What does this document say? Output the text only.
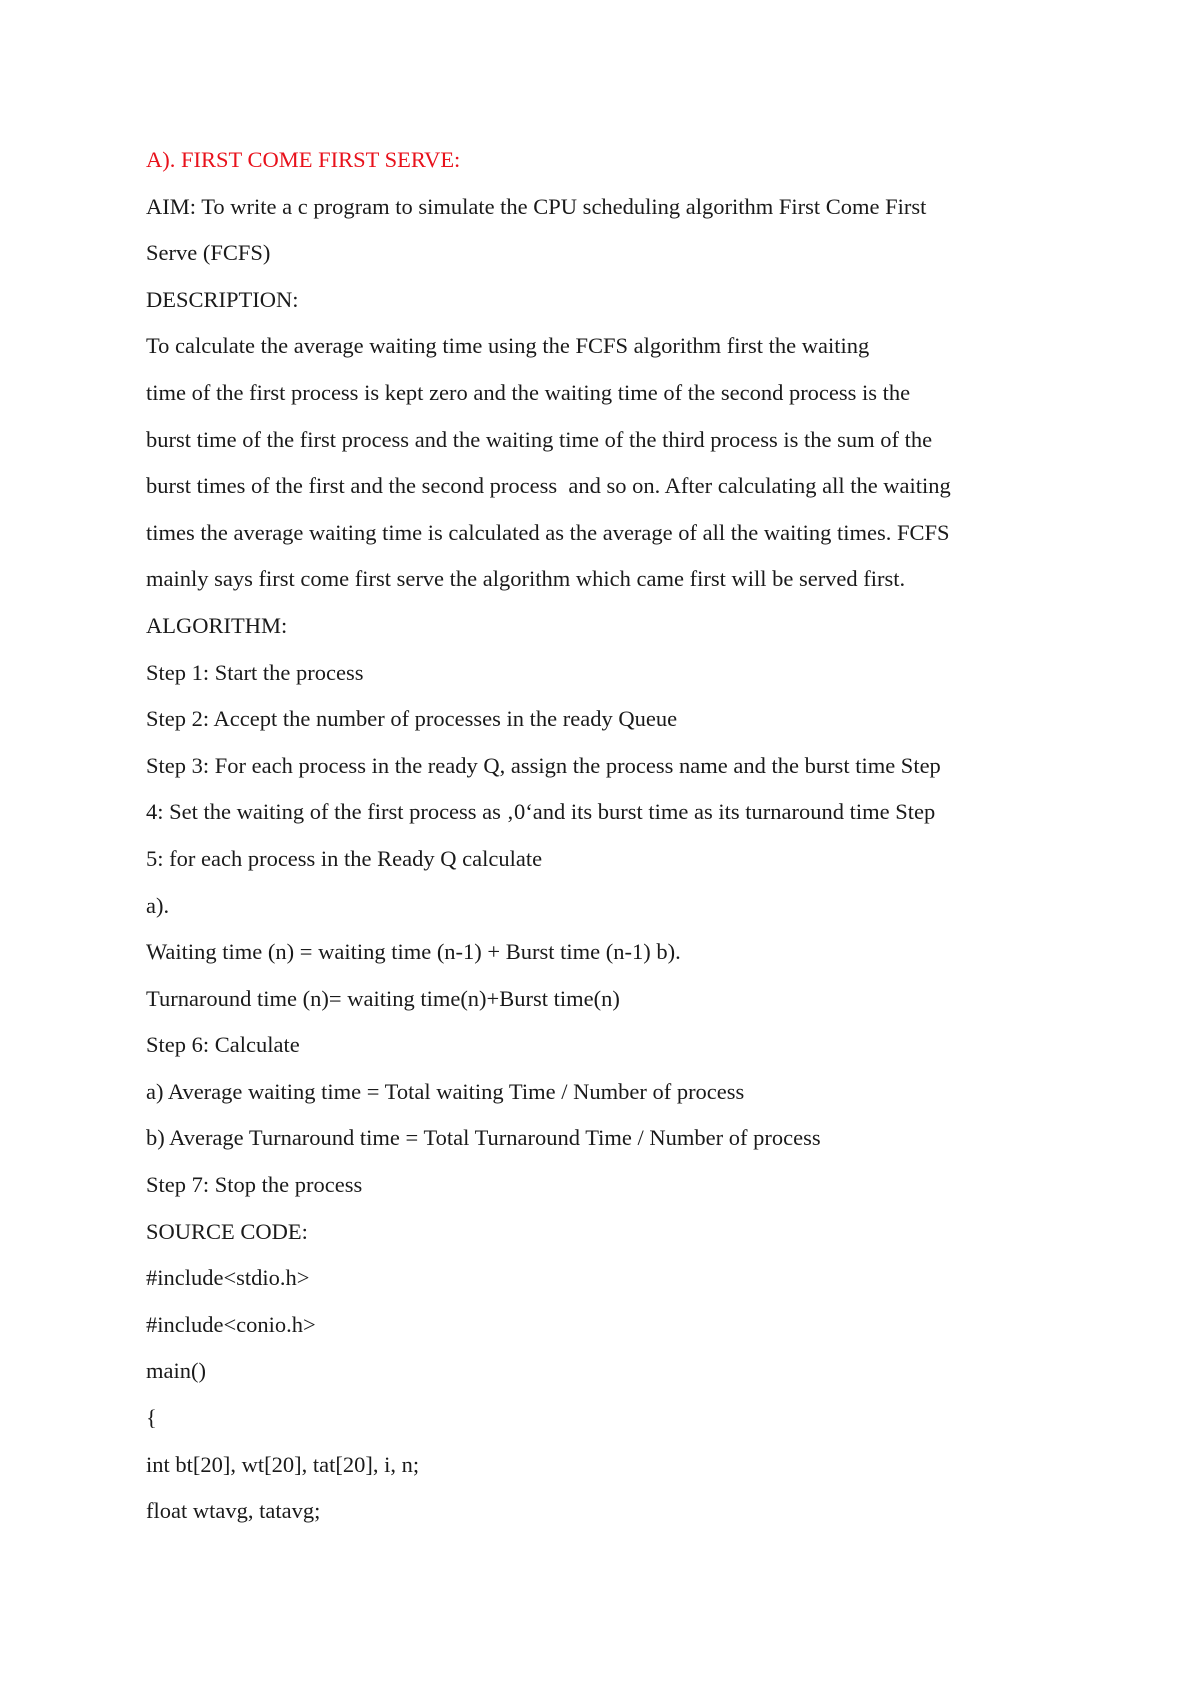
A). FIRST COME FIRST SERVE:
AIM: To write a c program to simulate the CPU scheduling algorithm First Come First
Serve (FCFS)
DESCRIPTION:
To calculate the average waiting time using the FCFS algorithm first the waiting
time of the first process is kept zero and the waiting time of the second process is the
burst time of the first process and the waiting time of the third process is the sum of the
burst times of the first and the second process  and so on. After calculating all the waiting
times the average waiting time is calculated as the average of all the waiting times. FCFS
mainly says first come first serve the algorithm which came first will be served first.
ALGORITHM:
Step 1: Start the process
Step 2: Accept the number of processes in the ready Queue
Step 3: For each process in the ready Q, assign the process name and the burst time Step
4: Set the waiting of the first process as ‚0‘and its burst time as its turnaround time Step
5: for each process in the Ready Q calculate
a).
Waiting time (n) = waiting time (n-1) + Burst time (n-1) b).
Turnaround time (n)= waiting time(n)+Burst time(n)
Step 6: Calculate
a) Average waiting time = Total waiting Time / Number of process
b) Average Turnaround time = Total Turnaround Time / Number of process
Step 7: Stop the process
SOURCE CODE:
#include<stdio.h>
#include<conio.h>
main()
{
int bt[20], wt[20], tat[20], i, n;
float wtavg, tatavg;
